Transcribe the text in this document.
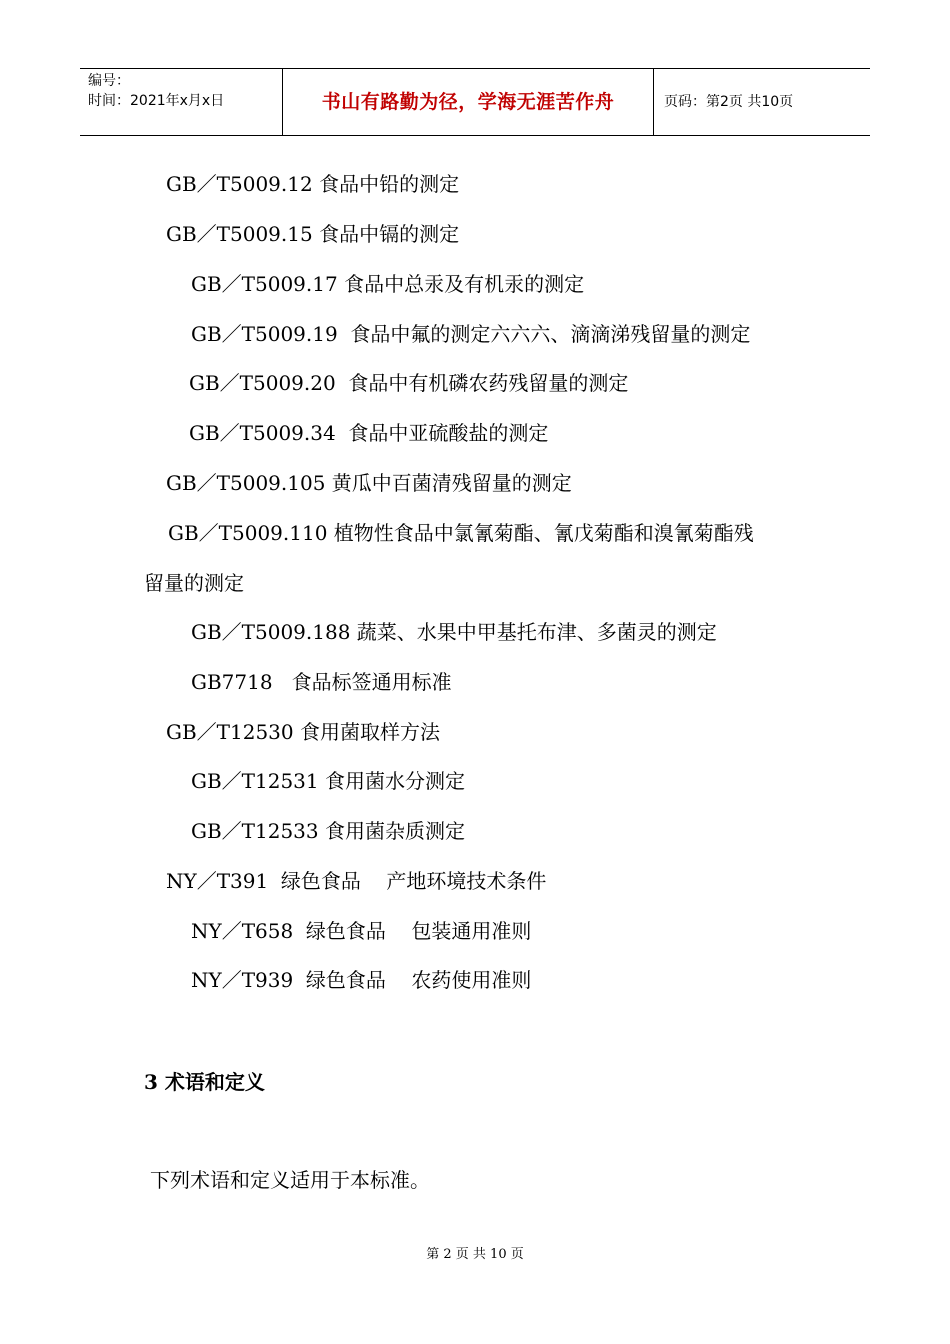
编号：
时间：2021年x月x日	书山有路勤为径，学海无涯苦作舟	页码：第2页 共10页
GB／T5009.12 食品中铅的测定
GB／T5009.15 食品中镉的测定
GB／T5009.17 食品中总汞及有机汞的测定
GB／T5009.19  食品中氟的测定六六六、滴滴涕残留量的测定
GB／T5009.20  食品中有机磷农药残留量的测定
GB／T5009.34  食品中亚硫酸盐的测定
GB／T5009.105 黄瓜中百菌清残留量的测定
GB／T5009.110 植物性食品中氯氰菊酯、氰戊菊酯和溴氰菊酯残
留量的测定
GB／T5009.188 蔬菜、水果中甲基托布津、多菌灵的测定
GB7718   食品标签通用标准
GB／T12530 食用菌取样方法
GB／T12531 食用菌水分测定
GB／T12533 食用菌杂质测定
NY／T391  绿色食品    产地环境技术条件
NY／T658  绿色食品    包装通用准则
NY／T939  绿色食品    农药使用准则
3 术语和定义
下列术语和定义适用于本标准。
第 2 页 共 10 页
